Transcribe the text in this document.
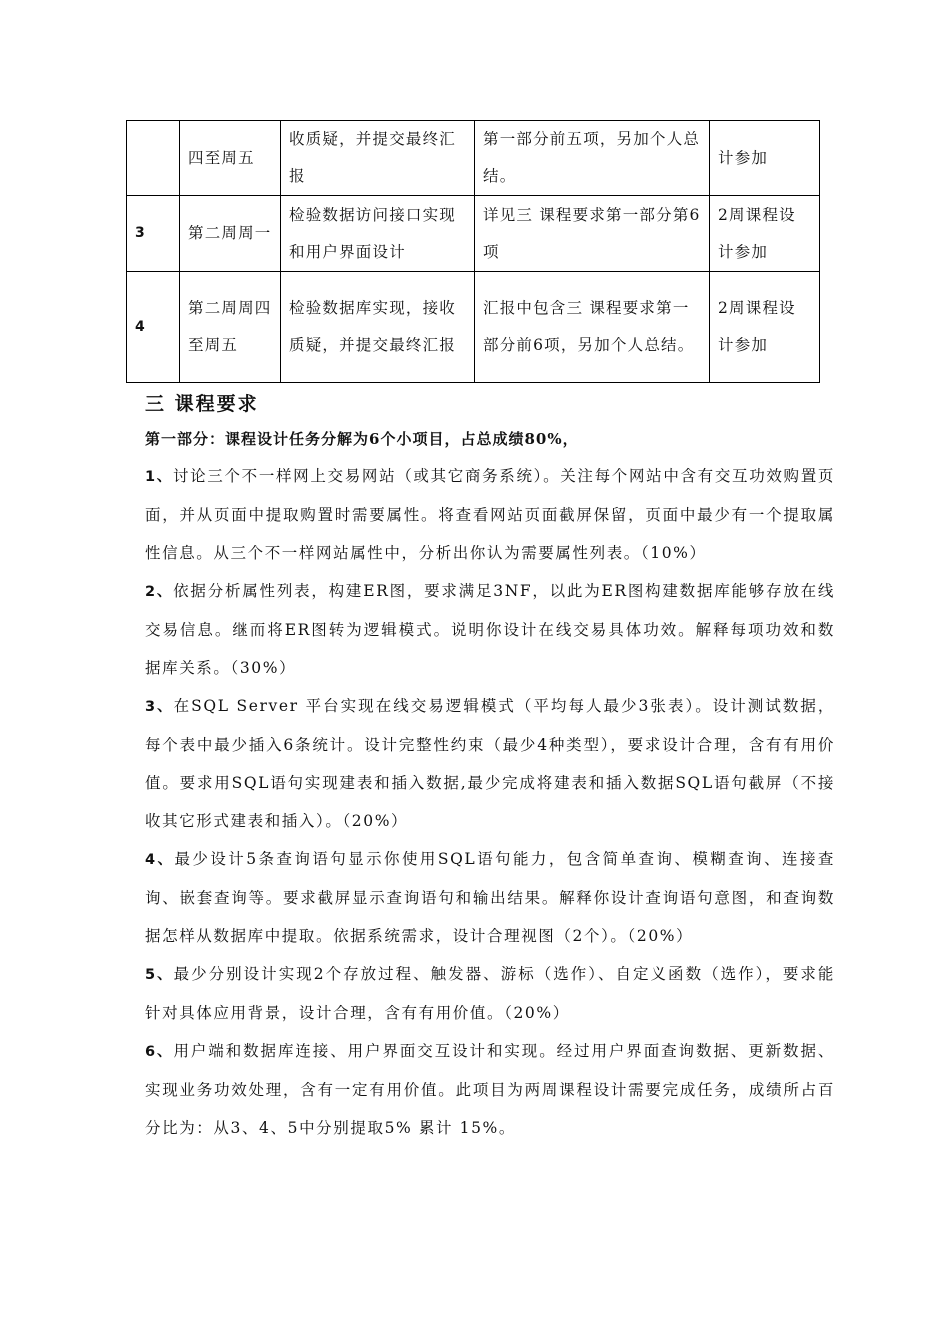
	四至周五	收质疑，并提交最终汇报	第一部分前五项，另加个人总结。	计参加
3	第二周周一	检验数据访问接口实现和用户界面设计	详见三 课程要求第一部分第6项	2周课程设计参加
4	第二周周四至周五	检验数据库实现，接收质疑，并提交最终汇报	汇报中包含三 课程要求第一部分前6项，另加个人总结。	2周课程设计参加
三 课程要求
第一部分：课程设计任务分解为6个小项目，占总成绩80%，

1、讨论三个不一样网上交易网站（或其它商务系统）。关注每个网站中含有交互功效购置页面，并从页面中提取购置时需要属性。将查看网站页面截屏保留，页面中最少有一个提取属性信息。从三个不一样网站属性中，分析出你认为需要属性列表。（10%）

2、依据分析属性列表，构建ER图，要求满足3NF，以此为ER图构建数据库能够存放在线交易信息。继而将ER图转为逻辑模式。说明你设计在线交易具体功效。解释每项功效和数据库关系。（30%）

3、在SQL Server 平台实现在线交易逻辑模式（平均每人最少3张表）。设计测试数据，每个表中最少插入6条统计。设计完整性约束（最少4种类型），要求设计合理，含有有用价值。要求用SQL语句实现建表和插入数据,最少完成将建表和插入数据SQL语句截屏（不接收其它形式建表和插入）。（20%）

4、最少设计5条查询语句显示你使用SQL语句能力，包含简单查询、模糊查询、连接查询、嵌套查询等。要求截屏显示查询语句和输出结果。解释你设计查询语句意图，和查询数据怎样从数据库中提取。依据系统需求，设计合理视图（2个）。（20%）

5、最少分别设计实现2个存放过程、触发器、游标（选作）、自定义函数（选作），要求能针对具体应用背景，设计合理，含有有用价值。（20%）

6、用户端和数据库连接、用户界面交互设计和实现。经过用户界面查询数据、更新数据、实现业务功效处理，含有一定有用价值。此项目为两周课程设计需要完成任务，成绩所占百分比为：从3、4、5中分别提取5% 累计 15%。
